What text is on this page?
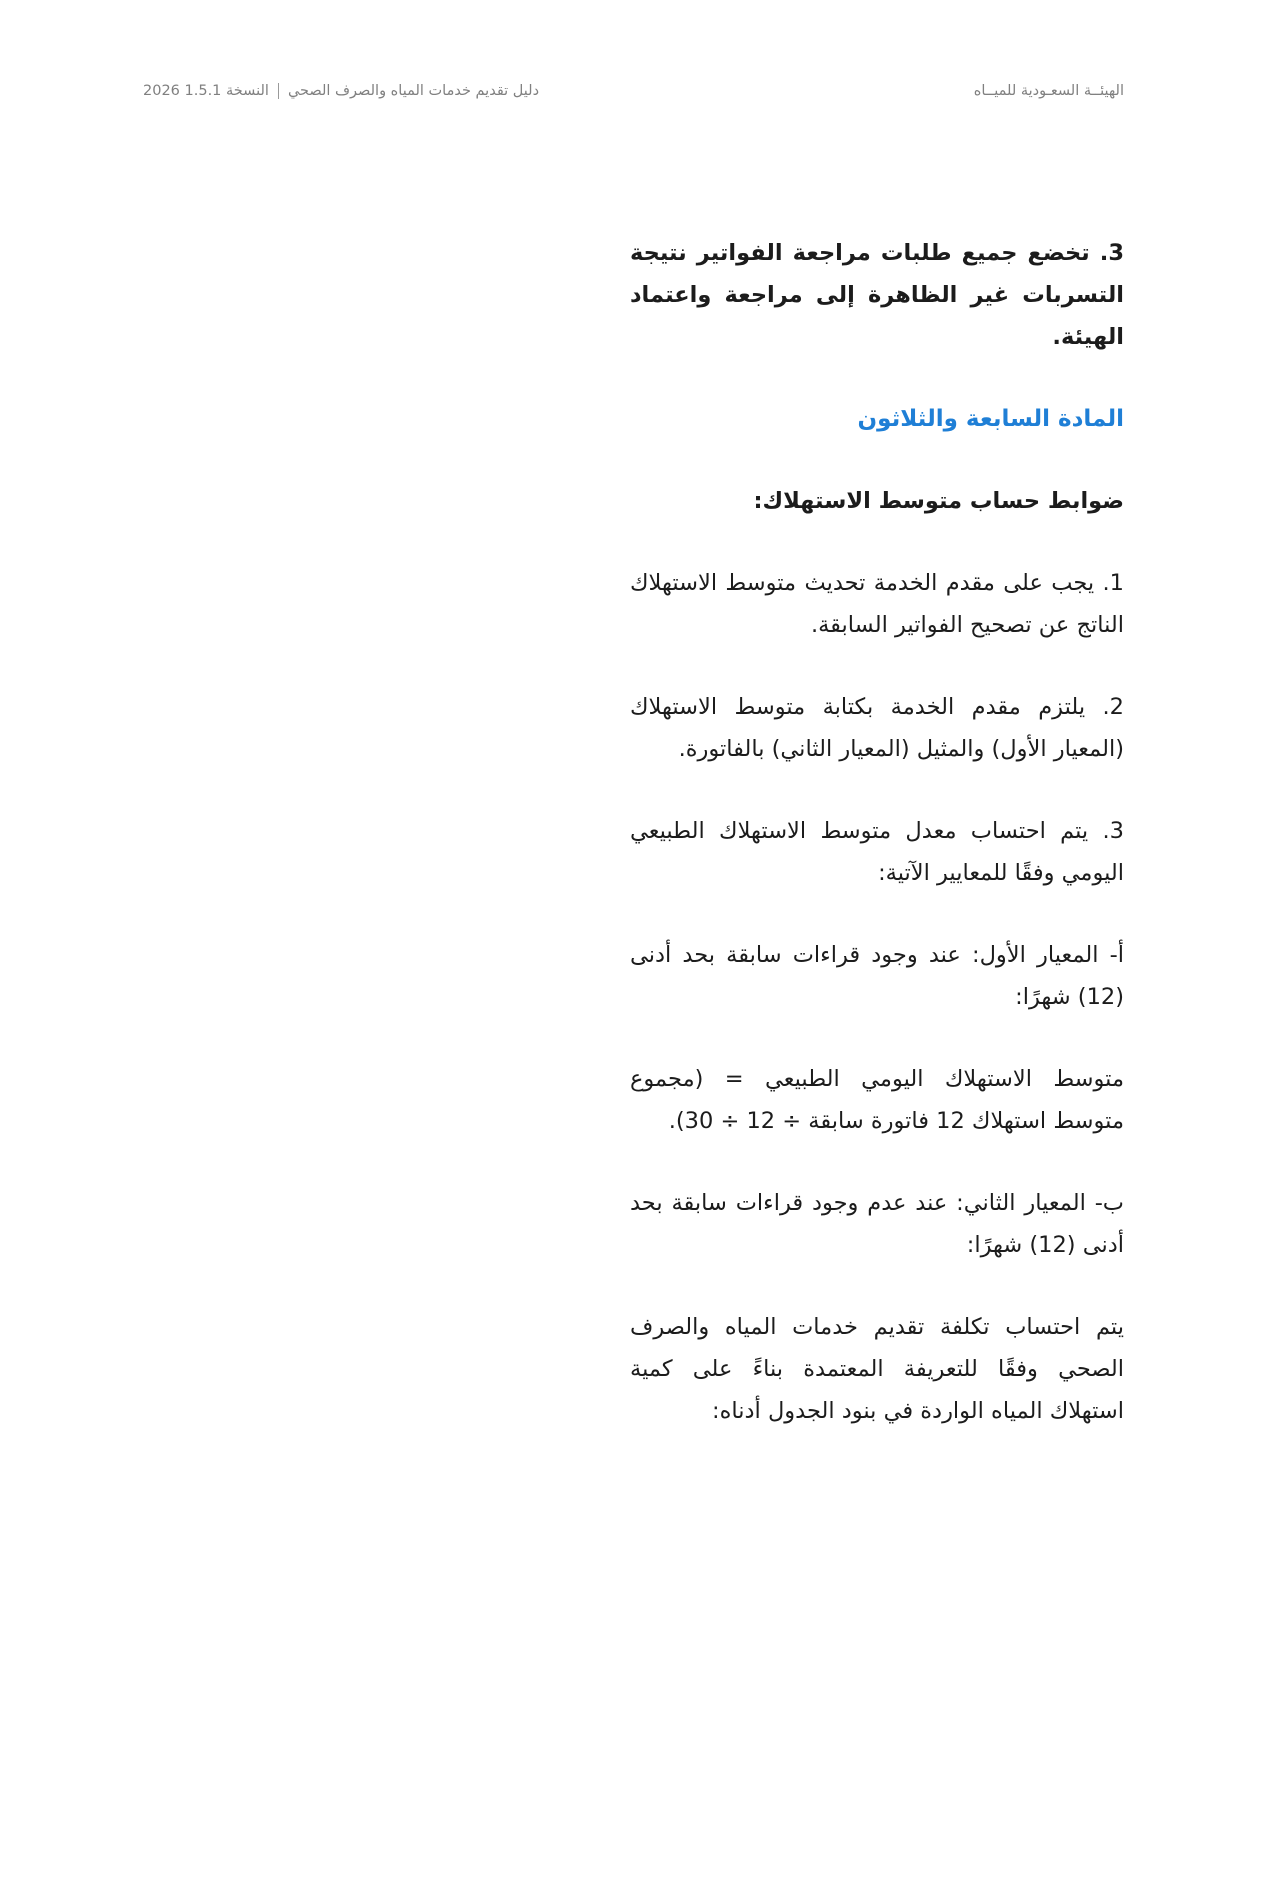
النسخة 1.5.1 2026 دليل تقديم خدمات المياه والصرف الصحي	الهيئــة السعـودية للميــاه

3. تخضع جميع طلبات مراجعة الفواتير نتيجة التسربات غير الظاهرة إلى مراجعة واعتماد الهيئة.

المادة السابعة والثلاثون
ضوابط حساب متوسط الاستهلاك:

1. يجب على مقدم الخدمة تحديث متوسط الاستهلاك الناتج عن تصحيح الفواتير السابقة.

2. يلتزم مقدم الخدمة بكتابة متوسط الاستهلاك (المعيار الأول) والمثيل (المعيار الثاني) بالفاتورة.

3. يتم احتساب معدل متوسط الاستهلاك الطبيعي اليومي وفقًا للمعايير الآتية:

أ- المعيار الأول: عند وجود قراءات سابقة بحد أدنى (12) شهرًا:

متوسط الاستهلاك اليومي الطبيعي = (مجموع متوسط استهلاك 12 فاتورة سابقة ÷ 12 ÷ 30).

ب- المعيار الثاني: عند عدم وجود قراءات سابقة بحد أدنى (12) شهرًا:

يتم احتساب تكلفة تقديم خدمات المياه والصرف الصحي وفقًا للتعريفة المعتمدة بناءً على كمية استهلاك المياه الواردة في بنود الجدول أدناه:
